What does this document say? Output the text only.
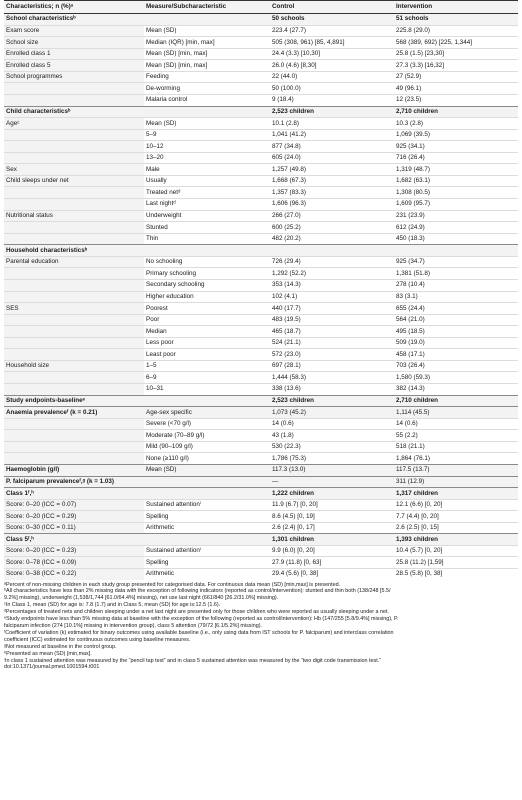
Characteristics; n (%)ᵃ	Measure/Subcharacteristic	Control	Intervention
School characteristicsᵇ		50 schools	51 schools
Exam score	Mean (SD)	223.4 (27.7)	225.8 (29.0)
School size	Median (IQR) [min, max]	505 (308, 961) [85, 4,891]	568 (389, 692) [225, 1,344]
Enrolled class 1	Mean (SD) [min, max]	24.4 (3.3) [10,30]	25.8 (1.5) [23,30]
Enrolled class 5	Mean (SD) [min, max]	26.0 (4.6) [8,30]	27.3 (3.3) [16,32]
School programmes	Feeding	22 (44.0)	27 (52.9)
	De-worming	50 (100.0)	49 (96.1)
	Malaria control	9 (18.4)	12 (23.5)
Child characteristicsᵇ		2,523 children	2,710 children
Ageᶜ	Mean (SD)	10.1 (2.8)	10.3 (2.8)
	5–9	1,041 (41.2)	1,069 (39.5)
	10–12	877 (34.8)	925 (34.1)
	13–20	605 (24.0)	716 (26.4)
Sex	Male	1,257 (49.8)	1,319 (48.7)
Child sleeps under net	Usually	1,668 (67.3)	1,682 (63.1)
	Treated netᵈ	1,357 (83.3)	1,308 (80.5)
	Last nightᵈ	1,606 (96.3)	1,609 (95.7)
Nutritional status	Underweight	266 (27.0)	231 (23.9)
	Stunted	600 (25.2)	612 (24.9)
	Thin	482 (20.2)	450 (18.3)
Household characteristicsᵇ			
Parental education	No schooling	726 (29.4)	925 (34.7)
	Primary schooling	1,292 (52.2)	1,381 (51.8)
	Secondary schooling	353 (14.3)	278 (10.4)
	Higher education	102 (4.1)	83 (3.1)
SES	Poorest	440 (17.7)	655 (24.4)
	Poor	483 (19.5)	564 (21.0)
	Median	465 (18.7)	495 (18.5)
	Less poor	524 (21.1)	509 (19.0)
	Least poor	572 (23.0)	458 (17.1)
Household size	1–5	697 (28.1)	703 (26.4)
	6–9	1,444 (58.3)	1,580 (59.3)
	10–31	338 (13.6)	382 (14.3)
Study endpoints-baselineᵉ		2,523 children	2,710 children
Anaemia prevalenceᶠ (k = 0.21)	Age-sex specific	1,073 (45.2)	1,114 (45.5)
	Severe (<70 g/l)	14 (0.6)	14 (0.6)
	Moderate (70–89 g/l)	43 (1.8)	55 (2.2)
	Mild (90–109 g/l)	530 (22.3)	518 (21.1)
	None (≥110 g/l)	1,786 (75.3)	1,864 (76.1)
Haemoglobin (g/l)	Mean (SD)	117.3 (13.0)	117.5 (13.7)
P. falciparum prevalenceᶠ,ᵍ (k = 1.03)		—	311 (12.9)
Class 1ᶠ,ʰ		1,222 children	1,317 children
Score: 0–20 (ICC = 0.07)	Sustained attentionⁱ	11.9 (6.7) [0, 20]	12.1 (6.6) [0, 20]
Score: 0–20 (ICC = 0.29)	Spelling	8.6 (4.5) [0, 19]	7.7 (4.4) [0, 20]
Score: 0–30 (ICC = 0.11)	Arithmetic	2.6 (2.4) [0, 17]	2.6 (2.5) [0, 15]
Class 5ᶠ,ʰ		1,301 children	1,393 children
Score: 0–20 (ICC = 0.23)	Sustained attentionⁱ	9.9 (6.0) [0, 20]	10.4 (5.7) [0, 20]
Score: 0–78 (ICC = 0.09)	Spelling	27.9 (11.8) [0, 63]	25.8 (11.2) [1,59]
Score: 0–38 (ICC = 0.22)	Arithmetic	29.4 (5.6) [0, 38]	28.5 (5.8) [0, 38]
ᵃPercent of non-missing children in each study group presented for categorised data. For continuous data mean (SD) [min,max] is presented.
ᵇAll characteristics have less than 2% missing data with the exception of following indicators (reported as control/intervention): stunted and thin both (138/248 [5.5/
9.2%] missing), underweight (1,538/1,744 [61.0/64.4%] missing), net use last night (661/840 [26.2/31.0%] missing).
ᶜIn Class 1, mean (SD) for age is: 7.8 (1.7) and in Class 5, mean (SD) for age is:12.5 (1.6).
ᵈPercentages of treated nets and children sleeping under a net last night are presented only for those children who were reported as usually sleeping under a net.
ᵉStudy endpoints have less than 5% missing data at baseline with the exception of the following (reported as control/intervention): Hb (147/255 [5.8/9.4%] missing), P.
falciparum infection (274 [10.1%] missing in intervention group), class 5 attention (79/72 [6.1/5.2%] missing).
ᶠCoefficient of variation (k) estimated for binary outcomes using available baseline (i.e., only using data from IST schools for P. falciparum) and interclass correlation
coefficient (ICC) estimated for continuous outcomes using baseline measures.
ᵍNot measured at baseline in the control group.
ʰPresented as mean (SD) [min,max].
ⁱIn class 1 sustained attention was measured by the “pencil tap test” and in class 5 sustained attention was measured by the “two digit code transmission test.”
doi:10.1371/journal.pmed.1001594.t001
